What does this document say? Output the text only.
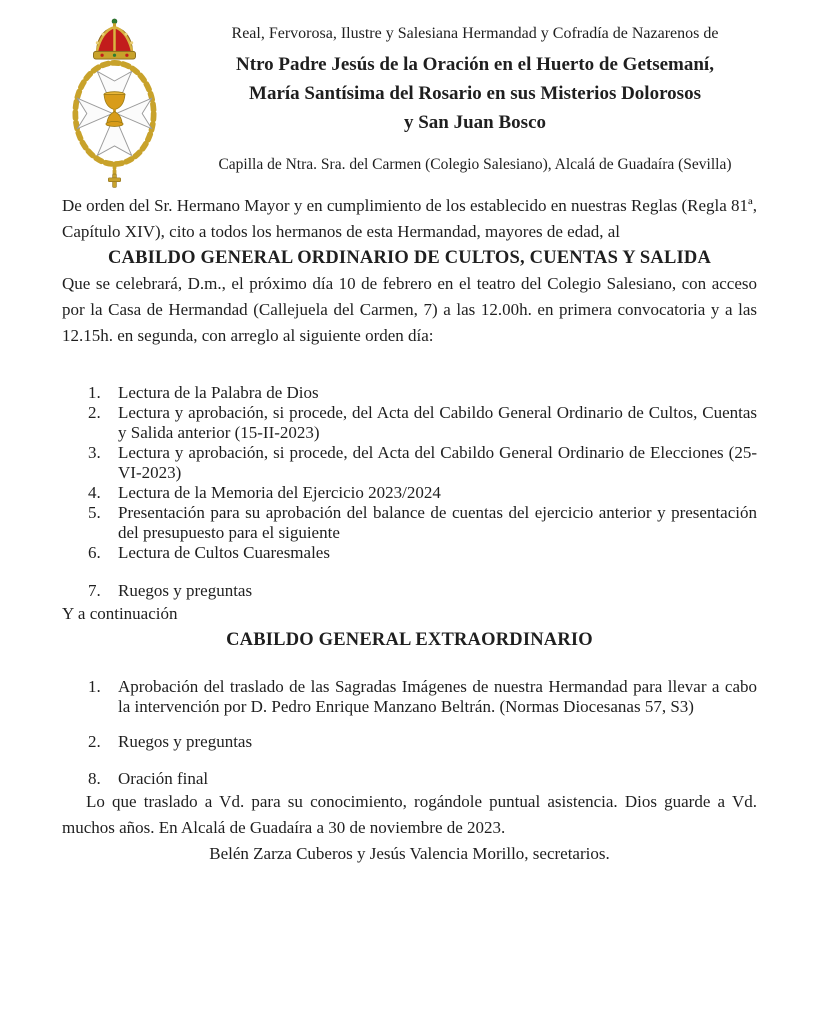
Real, Fervorosa, Ilustre y Salesiana Hermandad y Cofradía de Nazarenos de

Ntro Padre Jesús de la Oración en el Huerto de Getsemaní,

María Santísima del Rosario en sus Misterios Dolorosos

y San Juan Bosco

Capilla de Ntra. Sra. del Carmen (Colegio Salesiano), Alcalá de Guadaíra (Sevilla)

De orden del Sr. Hermano Mayor y en cumplimiento de los establecido en nuestras Reglas (Regla 81ª, Capítulo XIV), cito a todos los hermanos de esta Hermandad, mayores de edad, al

CABILDO GENERAL ORDINARIO DE CULTOS, CUENTAS Y SALIDA

Que se celebrará, D.m., el próximo día 10 de febrero en el teatro del Colegio Salesiano, con acceso por la Casa de Hermandad (Callejuela del Carmen, 7) a las 12.00h. en primera convocatoria y a las 12.15h. en segunda, con arreglo al siguiente orden día:

1.	Lectura de la Palabra de Dios
2.	Lectura y aprobación, si procede, del Acta del Cabildo General Ordinario de Cultos, Cuentas y Salida anterior (15-II-2023)
3.	Lectura y aprobación, si procede, del Acta del Cabildo General Ordinario de Elecciones (25-VI-2023)
4.	Lectura de la Memoria del Ejercicio 2023/2024
5.	Presentación para su aprobación del balance de cuentas del ejercicio anterior y presentación del presupuesto para el siguiente
6.	Lectura de Cultos Cuaresmales
7.	Ruegos y preguntas

Y a continuación

CABILDO GENERAL EXTRAORDINARIO
1.	Aprobación del traslado de las Sagradas Imágenes de nuestra Hermandad para llevar a cabo la intervención por D. Pedro Enrique Manzano Beltrán. (Normas Diocesanas 57, S3)
2.	Ruegos y preguntas
8.	Oración final

Lo que traslado a Vd. para su conocimiento, rogándole puntual asistencia. Dios guarde a Vd. muchos años. En Alcalá de Guadaíra a 30 de noviembre de 2023.

Belén Zarza Cuberos y Jesús Valencia Morillo, secretarios.
